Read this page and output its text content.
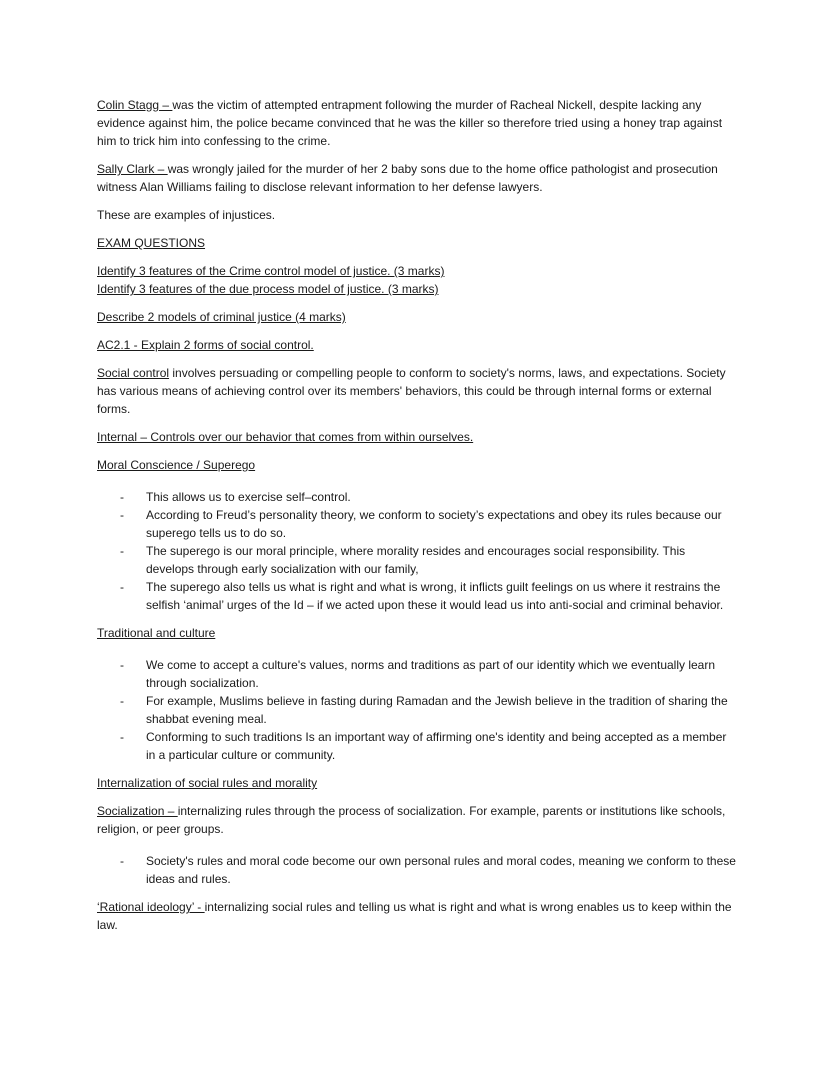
Colin Stagg – was the victim of attempted entrapment following the murder of Racheal Nickell, despite lacking any evidence against him, the police became convinced that he was the killer so therefore tried using a honey trap against him to trick him into confessing to the crime.

Sally Clark – was wrongly jailed for the murder of her 2 baby sons due to the home office pathologist and prosecution witness Alan Williams failing to disclose relevant information to her defense lawyers.

These are examples of injustices.

EXAM QUESTIONS

Identify 3 features of the Crime control model of justice. (3 marks)

Identify 3 features of the due process model of justice. (3 marks)

Describe 2 models of criminal justice (4 marks)

AC2.1 - Explain 2 forms of social control.

Social control involves persuading or compelling people to conform to society's norms, laws, and expectations. Society has various means of achieving control over its members' behaviors, this could be through internal forms or external forms.

Internal – Controls over our behavior that comes from within ourselves.

Moral Conscience / Superego

- This allows us to exercise self–control.
- According to Freud’s personality theory, we conform to society’s expectations and obey its rules because our superego tells us to do so.
- The superego is our moral principle, where morality resides and encourages social responsibility. This develops through early socialization with our family,
- The superego also tells us what is right and what is wrong, it inflicts guilt feelings on us where it restrains the selfish ‘animal’ urges of the Id – if we acted upon these it would lead us into anti-social and criminal behavior.

Traditional and culture

- We come to accept a culture's values, norms and traditions as part of our identity which we eventually learn through socialization.
- For example, Muslims believe in fasting during Ramadan and the Jewish believe in the tradition of sharing the shabbat evening meal.
- Conforming to such traditions Is an important way of affirming one's identity and being accepted as a member in a particular culture or community.

Internalization of social rules and morality

Socialization – internalizing rules through the process of socialization. For example, parents or institutions like schools, religion, or peer groups.

- Society's rules and moral code become our own personal rules and moral codes, meaning we conform to these ideas and rules.

‘Rational ideology’ - internalizing social rules and telling us what is right and what is wrong enables us to keep within the law.
